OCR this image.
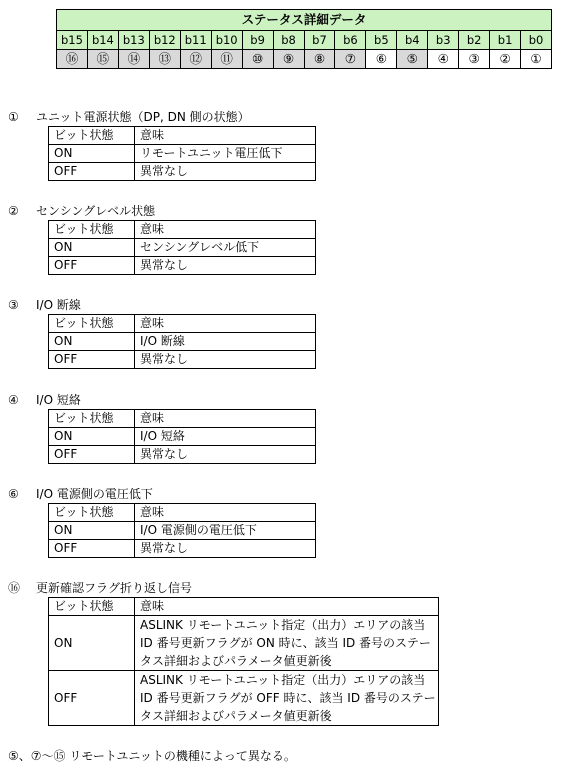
ステータス詳細データ															
b15	b14	b13	b12	b11	b10	b9	b8	b7	b6	b5	b4	b3	b2	b1	b0
⑯	⑮	⑭	⑬	⑫	⑪	⑩	⑨	⑧	⑦	⑥	⑤	④	③	②	①
① ユニット電源状態（DP, DN 側の状態）
ビット状態	意味
ON	リモートユニット電圧低下
OFF	異常なし
② センシングレベル状態
ビット状態	意味
ON	センシングレベル低下
OFF	異常なし
③ I/O 断線
ビット状態	意味
ON	I/O 断線
OFF	異常なし
④ I/O 短絡
ビット状態	意味
ON	I/O 短絡
OFF	異常なし
⑥ I/O 電源側の電圧低下
ビット状態	意味
ON	I/O 電源側の電圧低下
OFF	異常なし
⑯ 更新確認フラグ折り返し信号
ビット状態	意味
ON	ASLINK リモートユニット指定（出力）エリアの該当 ID 番号更新フラグが ON 時に、該当 ID 番号のステータス詳細およびパラメータ値更新後
OFF	ASLINK リモートユニット指定（出力）エリアの該当 ID 番号更新フラグが OFF 時に、該当 ID 番号のステータス詳細およびパラメータ値更新後
⑤、⑦～⑮ リモートユニットの機種によって異なる。
